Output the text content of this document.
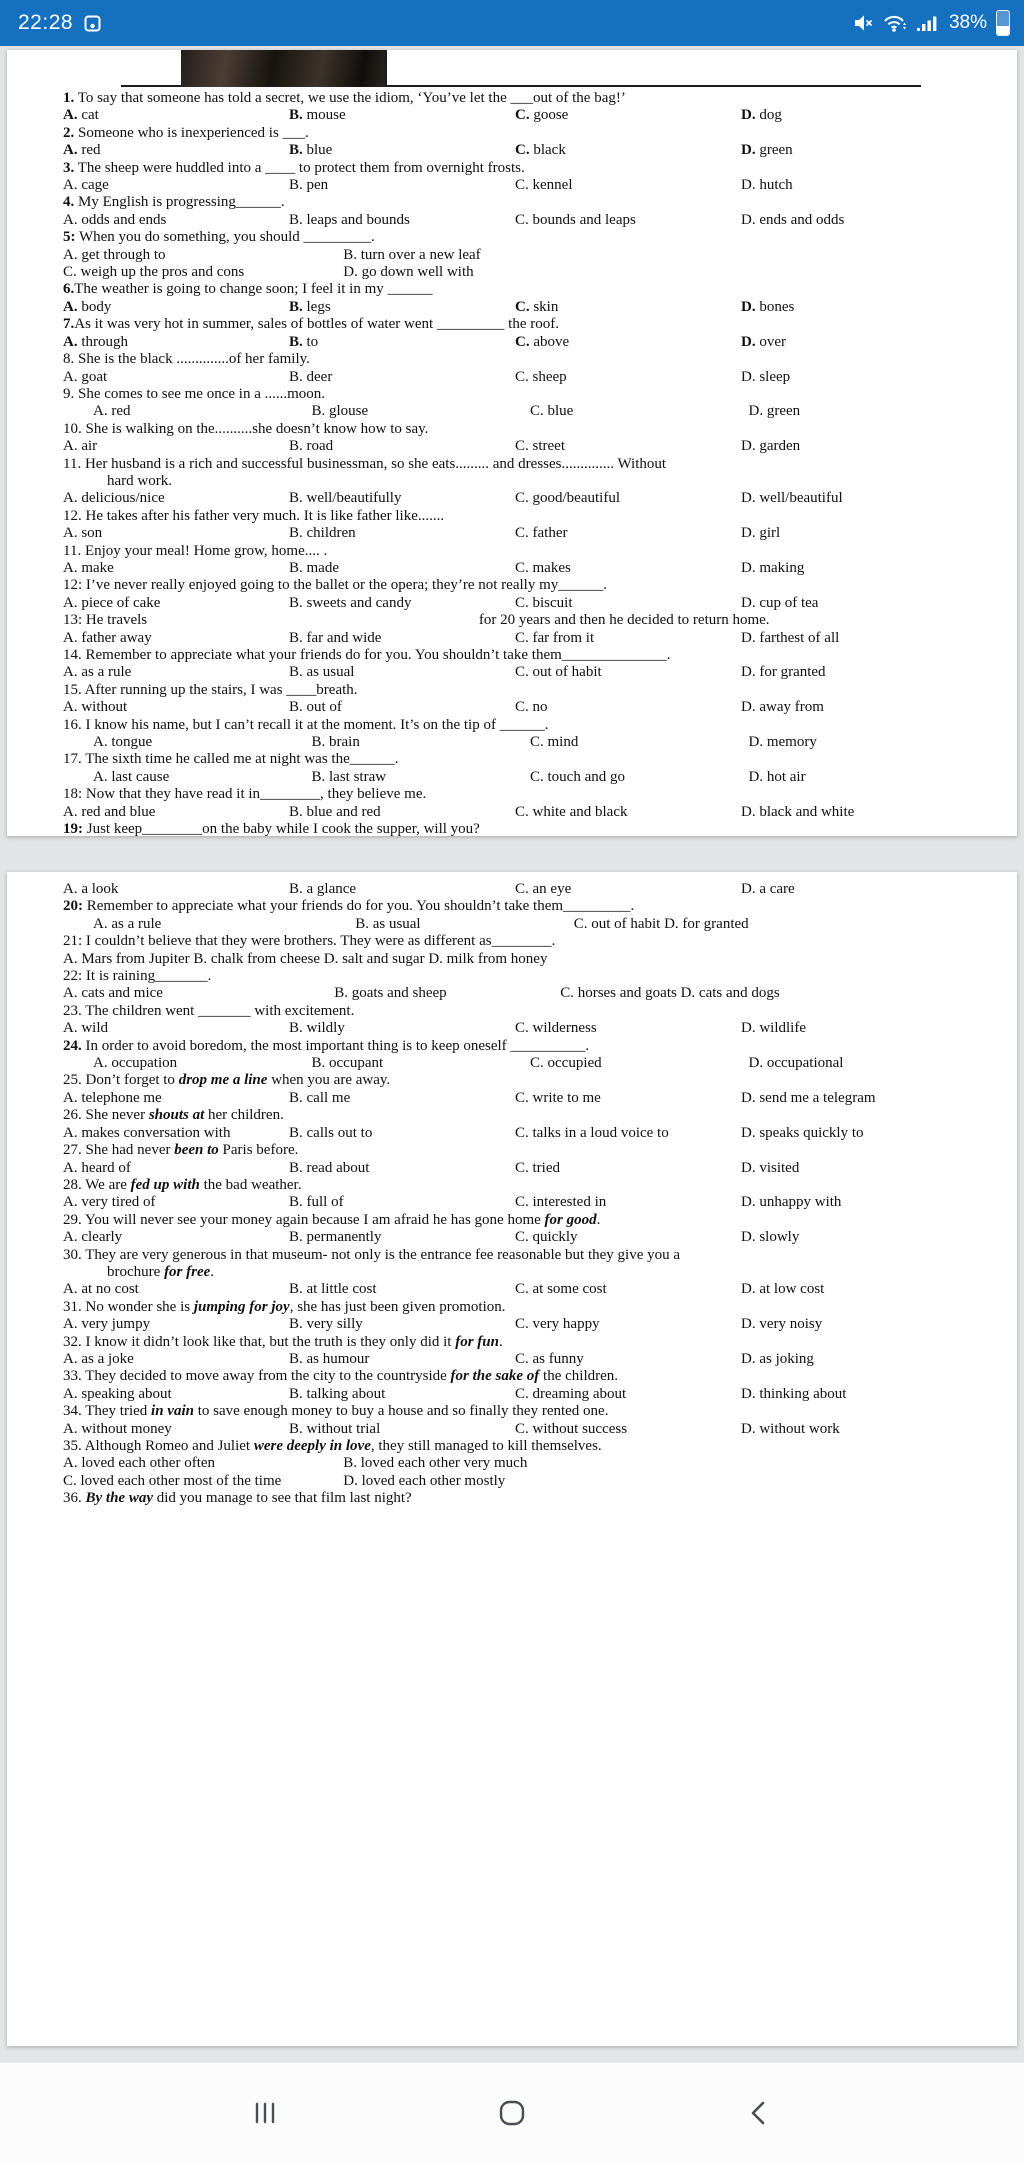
22:28	38%
1. To say that someone has told a secret, we use the idiom, ‘You’ve let the ___out of the bag!’
A. cat	B. mouse	C. goose	D. dog
2. Someone who is inexperienced is ___.
A. red	B. blue	C. black	D. green
3. The sheep were huddled into a ____ to protect them from overnight frosts.
A. cage	B. pen	C. kennel	D. hutch
4. My English is progressing______.
A. odds and ends	B. leaps and bounds	C. bounds and leaps	D. ends and odds
5: When you do something, you should _________.
A. get through to	B. turn over a new leaf
C. weigh up the pros and cons	D. go down well with
6.The weather is going to change soon; I feel it in my ______
A. body	B. legs	C. skin	D. bones
7.As it was very hot in summer, sales of bottles of water went _________ the roof.
A. through	B. to	C. above	D. over
8. She is the black ..............of her family.
A. goat	B. deer	C. sheep	D. sleep
9. She comes to see me once in a ......moon.
A. red	B. glouse	C. blue	D. green
10. She is walking on the..........she doesn’t know how to say.
A. air	B. road	C. street	D. garden
11. Her husband is a rich and successful businessman, so she eats......... and dresses.............. Without
hard work.
A. delicious/nice	B. well/beautifully	C. good/beautiful	D. well/beautiful
12. He takes after his father very much. It is like father like.......
A. son	B. children	C. father	D. girl
11. Enjoy your meal! Home grow, home.... .
A. make	B. made	C. makes	D. making
12: I’ve never really enjoyed going to the ballet or the opera; they’re not really my______.
A. piece of cake	B. sweets and candy	C. biscuit	D. cup of tea
13: He travels	for 20 years and then he decided to return home.
A. father away	B. far and wide	C. far from it	D. farthest of all
14. Remember to appreciate what your friends do for you. You shouldn’t take them______________.
A. as a rule	B. as usual	C. out of habit	D. for granted
15. After running up the stairs, I was ____breath.
A. without	B. out of	C. no	D. away from
16. I know his name, but I can’t recall it at the moment. It’s on the tip of ______.
A. tongue	B. brain	C. mind	D. memory
17. The sixth time he called me at night was the______.
A. last cause	B. last straw	C. touch and go	D. hot air
18: Now that they have read it in________, they believe me.
A. red and blue	B. blue and red	C. white and black	D. black and white
19: Just keep________on the baby while I cook the supper, will you?
A. a look	B. a glance	C. an eye	D. a care
20: Remember to appreciate what your friends do for you. You shouldn’t take them_________.
A. as a rule	B. as usual	C. out of habit D. for granted
21: I couldn’t believe that they were brothers. They were as different as________.
A. Mars from Jupiter B. chalk from cheese D. salt and sugar D. milk from honey
22: It is raining_______.
A. cats and mice	B. goats and sheep	C. horses and goats D. cats and dogs
23. The children went _______ with excitement.
A. wild	B. wildly	C. wilderness	D. wildlife
24. In order to avoid boredom, the most important thing is to keep oneself __________.
A. occupation	B. occupant	C. occupied	D. occupational
25. Don’t forget to drop me a line when you are away.
A. telephone me	B. call me	C. write to me	D. send me a telegram
26. She never shouts at her children.
A. makes conversation with	B. calls out to	C. talks in a loud voice to	D. speaks quickly to
27. She had never been to Paris before.
A. heard of	B. read about	C. tried	D. visited
28. We are fed up with the bad weather.
A. very tired of	B. full of	C. interested in	D. unhappy with
29. You will never see your money again because I am afraid he has gone home for good.
A. clearly	B. permanently	C. quickly	D. slowly
30. They are very generous in that museum- not only is the entrance fee reasonable but they give you a
brochure for free.
A. at no cost	B. at little cost	C. at some cost	D. at low cost
31. No wonder she is jumping for joy, she has just been given promotion.
A. very jumpy	B. very silly	C. very happy	D. very noisy
32. I know it didn’t look like that, but the truth is they only did it for fun.
A. as a joke	B. as humour	C. as funny	D. as joking
33. They decided to move away from the city to the countryside for the sake of the children.
A. speaking about	B. talking about	C. dreaming about	D. thinking about
34. They tried in vain to save enough money to buy a house and so finally they rented one.
A. without money	B. without trial	C. without success	D. without work
35. Although Romeo and Juliet were deeply in love, they still managed to kill themselves.
A. loved each other often	B. loved each other very much
C. loved each other most of the time	D. loved each other mostly
36. By the way did you manage to see that film last night?
